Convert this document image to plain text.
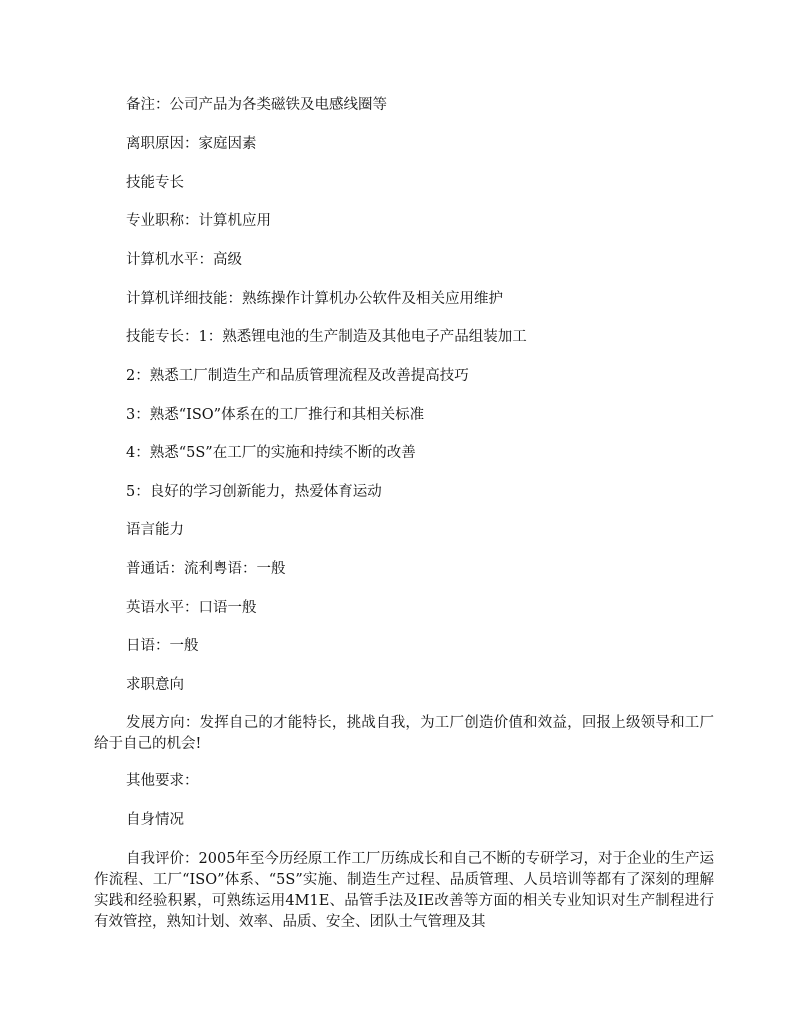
备注：公司产品为各类磁铁及电感线圈等
离职原因：家庭因素
技能专长
专业职称：计算机应用
计算机水平：高级
计算机详细技能：熟练操作计算机办公软件及相关应用维护
技能专长：1：熟悉锂电池的生产制造及其他电子产品组装加工
2：熟悉工厂制造生产和品质管理流程及改善提高技巧
3：熟悉“ISO”体系在的工厂推行和其相关标准
4：熟悉“5S”在工厂的实施和持续不断的改善
5：良好的学习创新能力，热爱体育运动
语言能力
普通话：流利粤语：一般
英语水平：口语一般
日语：一般
求职意向

发展方向：发挥自己的才能特长，挑战自我，为工厂创造价值和效益，回报上级领导和工厂给于自己的机会!

其他要求：
自身情况

自我评价：2005年至今历经原工作工厂历练成长和自己不断的专研学习，对于企业的生产运作流程、工厂“ISO”体系、“5S”实施、制造生产过程、品质管理、人员培训等都有了深刻的理解实践和经验积累，可熟练运用4M1E、品管手法及IE改善等方面的相关专业知识对生产制程进行有效管控，熟知计划、效率、品质、安全、团队士气管理及其
